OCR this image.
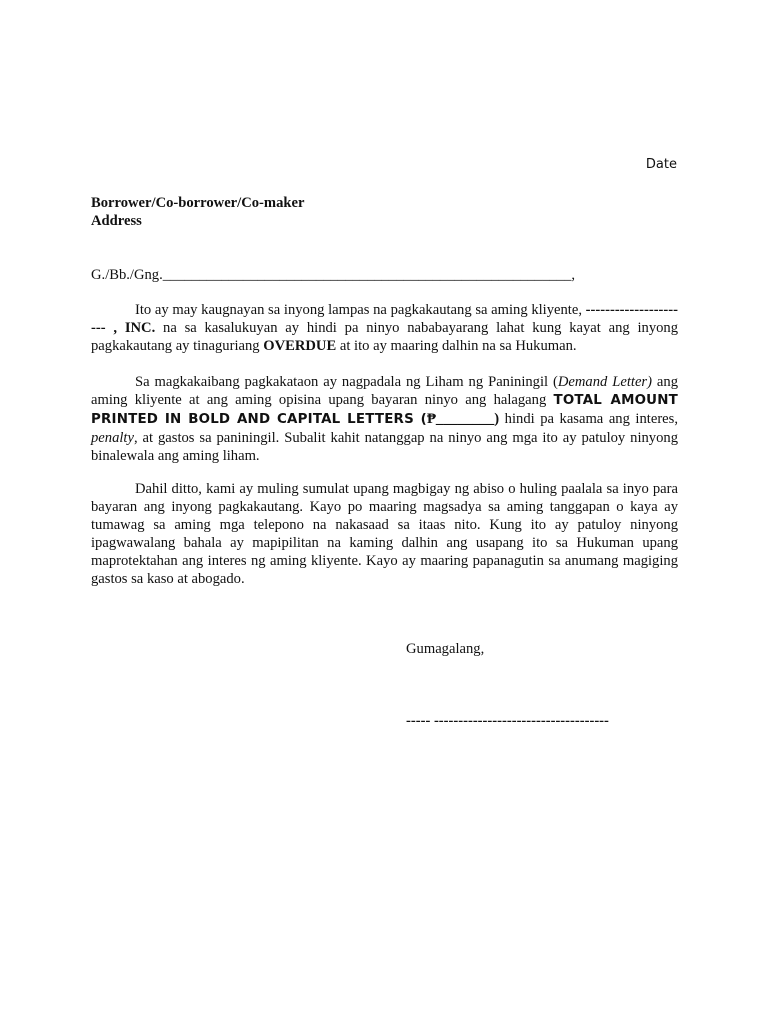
Date
Borrower/Co-borrower/Co-maker
Address
G./Bb./Gng.________________________________________________________,

Ito ay may kaugnayan sa inyong lampas na pagkakautang sa aming kliyente, ---------------------- , INC. na sa kasalukuyan ay hindi pa ninyo nababayarang lahat kung kayat ang inyong pagkakautang ay tinaguriang OVERDUE at ito ay maaring dalhin na sa Hukuman.

Sa magkakaibang pagkakataon ay nagpadala ng Liham ng Paniningil (Demand Letter) ang aming kliyente at ang aming opisina upang bayaran ninyo ang halagang TOTAL AMOUNT PRINTED IN BOLD AND CAPITAL LETTERS (₱________) hindi pa kasama ang interes, penalty, at gastos sa paniningil. Subalit kahit natanggap na ninyo ang mga ito ay patuloy ninyong binalewala ang aming liham.

Dahil ditto, kami ay muling sumulat upang magbigay ng abiso o huling paalala sa inyo para bayaran ang inyong pagkakautang. Kayo po maaring magsadya sa aming tanggapan o kaya ay tumawag sa aming mga telepono na nakasaad sa itaas nito. Kung ito ay patuloy ninyong ipagwawalang bahala ay mapipilitan na kaming dalhin ang usapang ito sa Hukuman upang maprotektahan ang interes ng aming kliyente. Kayo ay maaring papanagutin sa anumang magiging gastos sa kaso at abogado.

Gumagalang,
----- ------------------------------------
